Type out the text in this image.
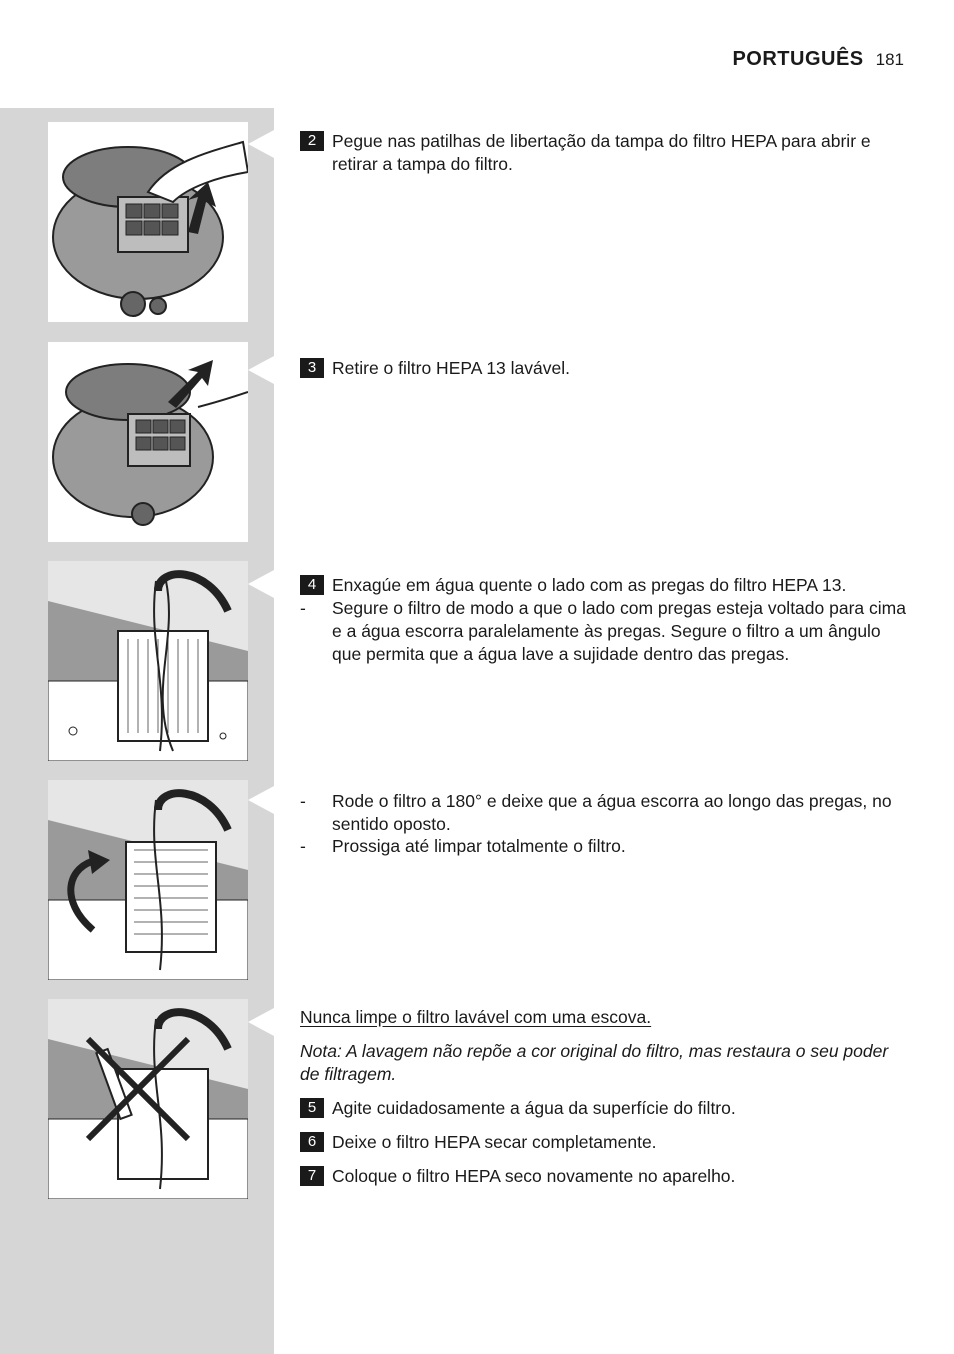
PORTUGUÊS 181
2 Pegue nas patilhas de libertação da tampa do filtro HEPA para abrir e retirar a tampa do filtro.
3 Retire o filtro HEPA 13 lavável.
4 Enxagúe em água quente o lado com as pregas do filtro HEPA 13.
-	Segure o filtro de modo a que o lado com pregas esteja voltado para cima e a água escorra paralelamente às pregas. Segure o filtro a um ângulo que permita que a água lave a sujidade dentro das pregas.
-	Rode o filtro a 180° e deixe que a água escorra ao longo das pregas, no sentido oposto.
-	Prossiga até limpar totalmente o filtro.
Nunca limpe o filtro lavável com uma escova.
Nota: A lavagem não repõe a cor original do filtro, mas restaura o seu poder de filtragem.
5 Agite cuidadosamente a água da superfície do filtro.
6 Deixe o filtro HEPA secar completamente.
7 Coloque o filtro HEPA seco novamente no aparelho.
